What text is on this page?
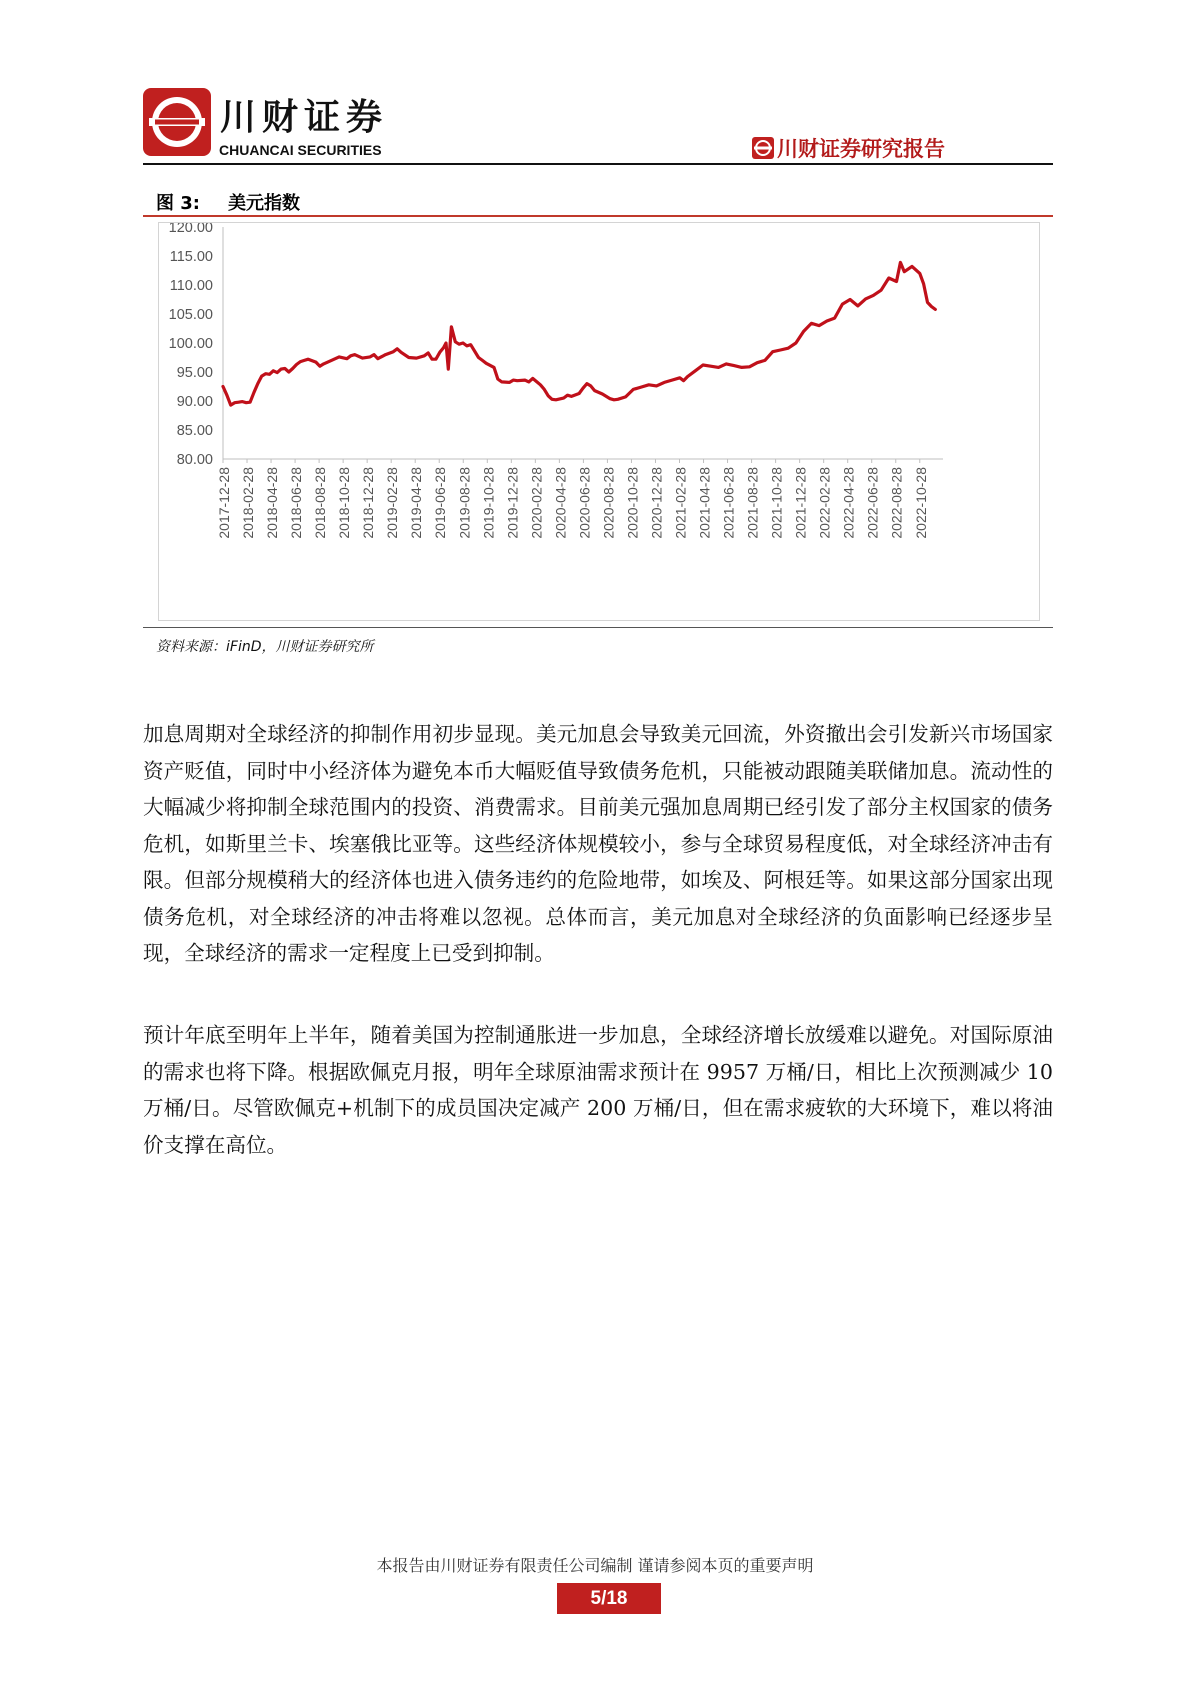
川财证券
CHUANCAI SECURITIES	川财证券研究报告
图 3: 美元指数
120.00
115.00
110.00
105.00
100.00
95.00
90.00
85.00
80.00
2017-12-28 2018-02-28 2018-04-28 2018-06-28 2018-08-28 2018-10-28 2018-12-28 2019-02-28 2019-04-28 2019-06-28 2019-08-28 2019-10-28 2019-12-28 2020-02-28 2020-04-28 2020-06-28 2020-08-28 2020-10-28 2020-12-28 2021-02-28 2021-04-28 2021-06-28 2021-08-28 2021-10-28 2021-12-28 2022-02-28 2022-04-28 2022-06-28 2022-08-28 2022-10-28
资料来源：iFinD，川财证券研究所
加息周期对全球经济的抑制作用初步显现。美元加息会导致美元回流，外资撤出会引发新兴市场国家资产贬值，同时中小经济体为避免本币大幅贬值导致债务危机，只能被动跟随美联储加息。流动性的大幅减少将抑制全球范围内的投资、消费需求。目前美元强加息周期已经引发了部分主权国家的债务危机，如斯里兰卡、埃塞俄比亚等。这些经济体规模较小，参与全球贸易程度低，对全球经济冲击有限。但部分规模稍大的经济体也进入债务违约的危险地带，如埃及、阿根廷等。如果这部分国家出现债务危机，对全球经济的冲击将难以忽视。总体而言，美元加息对全球经济的负面影响已经逐步呈现，全球经济的需求一定程度上已受到抑制。
预计年底至明年上半年，随着美国为控制通胀进一步加息，全球经济增长放缓难以避免。对国际原油的需求也将下降。根据欧佩克月报，明年全球原油需求预计在 9957 万桶/日，相比上次预测减少 10 万桶/日。尽管欧佩克+机制下的成员国决定减产 200 万桶/日，但在需求疲软的大环境下，难以将油价支撑在高位。
本报告由川财证券有限责任公司编制 谨请参阅本页的重要声明
5/18
